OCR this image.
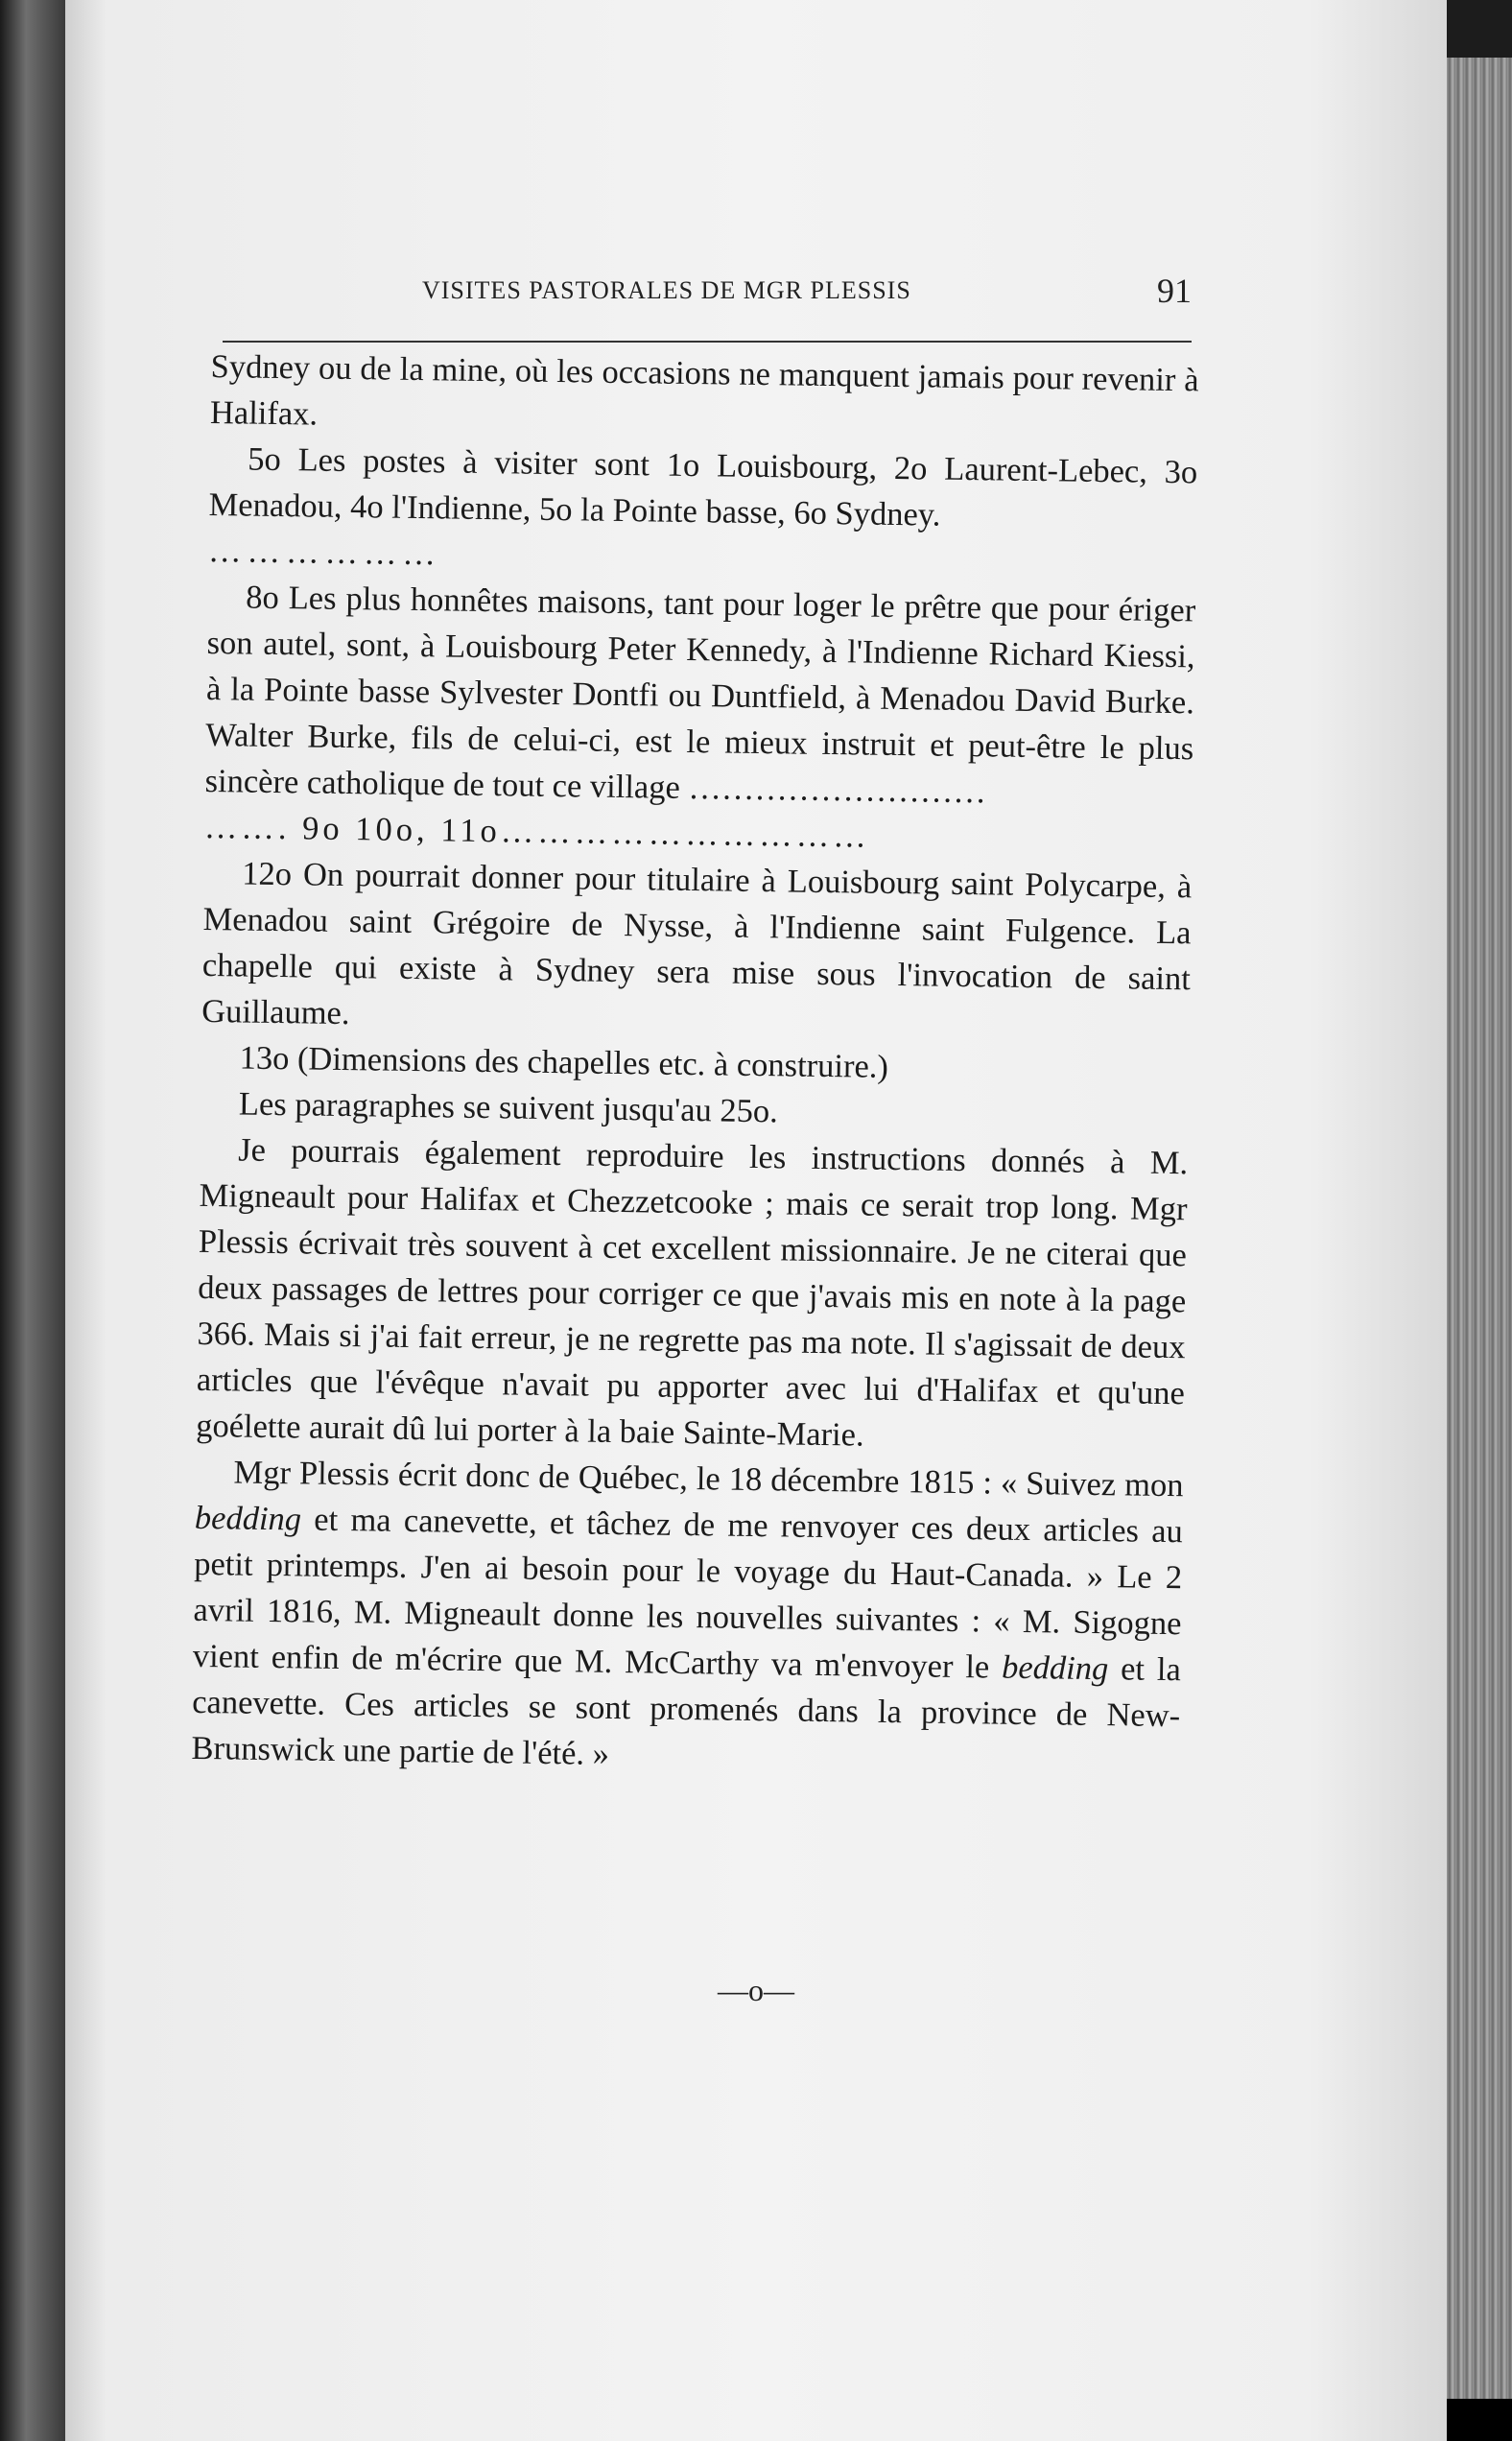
VISITES PASTORALES DE MGR PLESSIS	91

Sydney ou de la mine, où les occasions ne manquent jamais pour revenir à Halifax.

5o Les postes à visiter sont 1o Louisbourg, 2o Laurent-Lebec, 3o Menadou, 4o l'Indienne, 5o la Pointe basse, 6o Sydney.

………………

8o Les plus honnêtes maisons, tant pour loger le prêtre que pour ériger son autel, sont, à Louisbourg Peter Kennedy, à l'Indienne Richard Kiessi, à la Pointe basse Sylvester Dontfi ou Duntfield, à Menadou David Burke. Walter Burke, fils de celui-ci, est le mieux instruit et peut-être le plus sincère catholique de tout ce village ………………………

……. 9o 10o, 11o…………………………

12o On pourrait donner pour titulaire à Louisbourg saint Polycarpe, à Menadou saint Grégoire de Nysse, à l'Indienne saint Fulgence. La chapelle qui existe à Sydney sera mise sous l'invocation de saint Guillaume.

13o (Dimensions des chapelles etc. à construire.)

Les paragraphes se suivent jusqu'au 25o.

Je pourrais également reproduire les instructions donnés à M. Migneault pour Halifax et Chezzetcooke ; mais ce serait trop long. Mgr Plessis écrivait très souvent à cet excellent missionnaire. Je ne citerai que deux passages de lettres pour corriger ce que j'avais mis en note à la page 366. Mais si j'ai fait erreur, je ne regrette pas ma note. Il s'agissait de deux articles que l'évêque n'avait pu apporter avec lui d'Halifax et qu'une goélette aurait dû lui porter à la baie Sainte-Marie.

Mgr Plessis écrit donc de Québec, le 18 décembre 1815 : « Suivez mon bedding et ma canevette, et tâchez de me renvoyer ces deux articles au petit printemps. J'en ai besoin pour le voyage du Haut-Canada. » Le 2 avril 1816, M. Migneault donne les nouvelles suivantes : « M. Sigogne vient enfin de m'écrire que M. McCarthy va m'envoyer le bedding et la canevette. Ces articles se sont promenés dans la province de New-Brunswick une partie de l'été. »

—o—
